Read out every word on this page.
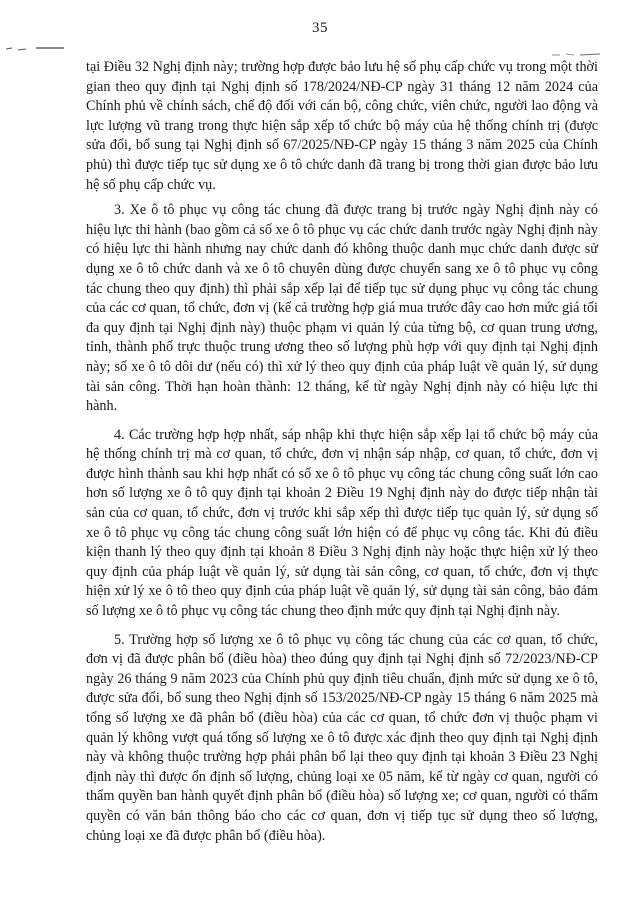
35

tại Điều 32 Nghị định này; trường hợp được bảo lưu hệ số phụ cấp chức vụ trong một thời gian theo quy định tại Nghị định số 178/2024/NĐ-CP ngày 31 tháng 12 năm 2024 của Chính phủ về chính sách, chế độ đối với cán bộ, công chức, viên chức, người lao động và lực lượng vũ trang trong thực hiện sắp xếp tổ chức bộ máy của hệ thống chính trị (được sửa đổi, bổ sung tại Nghị định số 67/2025/NĐ-CP ngày 15 tháng 3 năm 2025 của Chính phủ) thì được tiếp tục sử dụng xe ô tô chức danh đã trang bị trong thời gian được bảo lưu hệ số phụ cấp chức vụ.

3. Xe ô tô phục vụ công tác chung đã được trang bị trước ngày Nghị định này có hiệu lực thi hành (bao gồm cả số xe ô tô phục vụ các chức danh trước ngày Nghị định này có hiệu lực thi hành nhưng nay chức danh đó không thuộc danh mục chức danh được sử dụng xe ô tô chức danh và xe ô tô chuyên dùng được chuyển sang xe ô tô phục vụ công tác chung theo quy định) thì phải sắp xếp lại để tiếp tục sử dụng phục vụ công tác chung của các cơ quan, tổ chức, đơn vị (kể cả trường hợp giá mua trước đây cao hơn mức giá tối đa quy định tại Nghị định này) thuộc phạm vi quản lý của từng bộ, cơ quan trung ương, tỉnh, thành phố trực thuộc trung ương theo số lượng phù hợp với quy định tại Nghị định này; số xe ô tô dôi dư (nếu có) thì xử lý theo quy định của pháp luật về quản lý, sử dụng tài sản công. Thời hạn hoàn thành: 12 tháng, kể từ ngày Nghị định này có hiệu lực thi hành.

4. Các trường hợp hợp nhất, sáp nhập khi thực hiện sắp xếp lại tổ chức bộ máy của hệ thống chính trị mà cơ quan, tổ chức, đơn vị nhận sáp nhập, cơ quan, tổ chức, đơn vị được hình thành sau khi hợp nhất có số xe ô tô phục vụ công tác chung công suất lớn cao hơn số lượng xe ô tô quy định tại khoản 2 Điều 19 Nghị định này do được tiếp nhận tài sản của cơ quan, tổ chức, đơn vị trước khi sắp xếp thì được tiếp tục quản lý, sử dụng số xe ô tô phục vụ công tác chung công suất lớn hiện có để phục vụ công tác. Khi đủ điều kiện thanh lý theo quy định tại khoản 8 Điều 3 Nghị định này hoặc thực hiện xử lý theo quy định của pháp luật về quản lý, sử dụng tài sản công, cơ quan, tổ chức, đơn vị thực hiện xử lý xe ô tô theo quy định của pháp luật về quản lý, sử dụng tài sản công, bảo đảm số lượng xe ô tô phục vụ công tác chung theo định mức quy định tại Nghị định này.

5. Trường hợp số lượng xe ô tô phục vụ công tác chung của các cơ quan, tổ chức, đơn vị đã được phân bổ (điều hòa) theo đúng quy định tại Nghị định số 72/2023/NĐ-CP ngày 26 tháng 9 năm 2023 của Chính phủ quy định tiêu chuẩn, định mức sử dụng xe ô tô, được sửa đổi, bổ sung theo Nghị định số 153/2025/NĐ-CP ngày 15 tháng 6 năm 2025 mà tổng số lượng xe đã phân bổ (điều hòa) của các cơ quan, tổ chức đơn vị thuộc phạm vi quản lý không vượt quá tổng số lượng xe ô tô được xác định theo quy định tại Nghị định này và không thuộc trường hợp phải phân bổ lại theo quy định tại khoản 3 Điều 23 Nghị định này thì được ổn định số lượng, chủng loại xe 05 năm, kể từ ngày cơ quan, người có thẩm quyền ban hành quyết định phân bổ (điều hòa) số lượng xe; cơ quan, người có thẩm quyền có văn bản thông báo cho các cơ quan, đơn vị tiếp tục sử dụng theo số lượng, chủng loại xe đã được phân bổ (điều hòa).
